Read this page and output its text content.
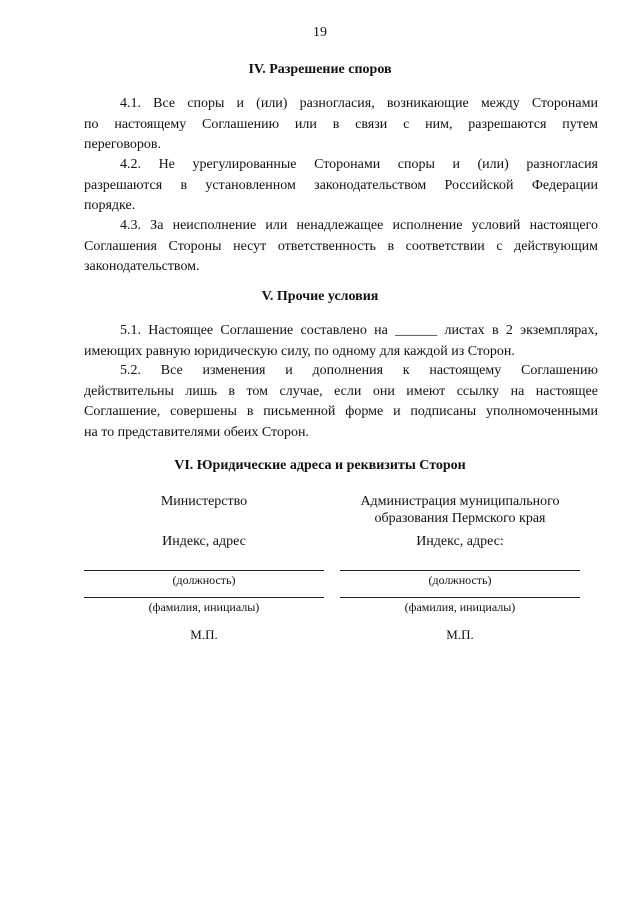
19
IV. Разрешение споров
4.1. Все споры и (или) разногласия, возникающие между Сторонами
по настоящему Соглашению или в связи с ним, разрешаются путем
переговоров.
4.2. Не урегулированные Сторонами споры и (или) разногласия
разрешаются в установленном законодательством Российской Федерации
порядке.
4.3. За неисполнение или ненадлежащее исполнение условий настоящего
Соглашения Стороны несут ответственность в соответствии с действующим
законодательством.
V. Прочие условия
5.1. Настоящее Соглашение составлено на ______ листах в 2 экземплярах,
имеющих равную юридическую силу, по одному для каждой из Сторон.
5.2. Все изменения и дополнения к настоящему Соглашению
действительны лишь в том случае, если они имеют ссылку на настоящее
Соглашение, совершены в письменной форме и подписаны уполномоченными
на то представителями обеих Сторон.
VI. Юридические адреса и реквизиты Сторон
Министерство	Администрация муниципального
образования Пермского края
Индекс, адрес	Индекс, адрес:
(должность)	(должность)
(фамилия, инициалы)	(фамилия, инициалы)
М.П.	М.П.
